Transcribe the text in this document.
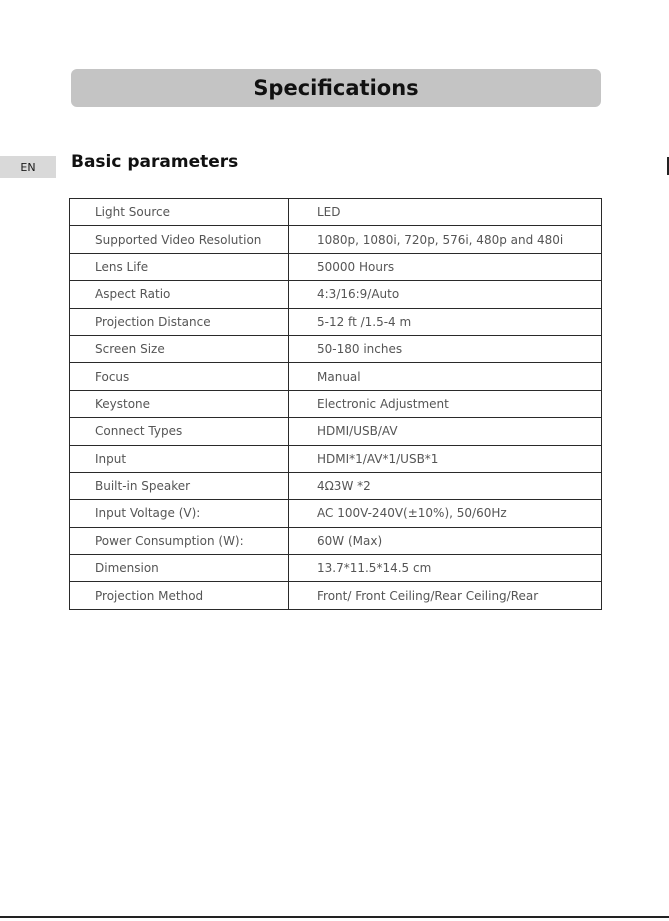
Specifications
EN Basic parameters
Light Source	LED
Supported Video Resolution	1080p, 1080i, 720p, 576i, 480p and 480i
Lens Life	50000 Hours
Aspect Ratio	4:3/16:9/Auto
Projection Distance	5-12 ft /1.5-4 m
Screen Size	50-180 inches
Focus	Manual
Keystone	Electronic Adjustment
Connect Types	HDMI/USB/AV
Input	HDMI*1/AV*1/USB*1
Built-in Speaker	4Ω3W *2
Input Voltage (V):	AC 100V-240V(±10%), 50/60Hz
Power Consumption (W):	60W (Max)
Dimension	13.7*11.5*14.5 cm
Projection Method	Front/ Front Ceiling/Rear Ceiling/Rear
